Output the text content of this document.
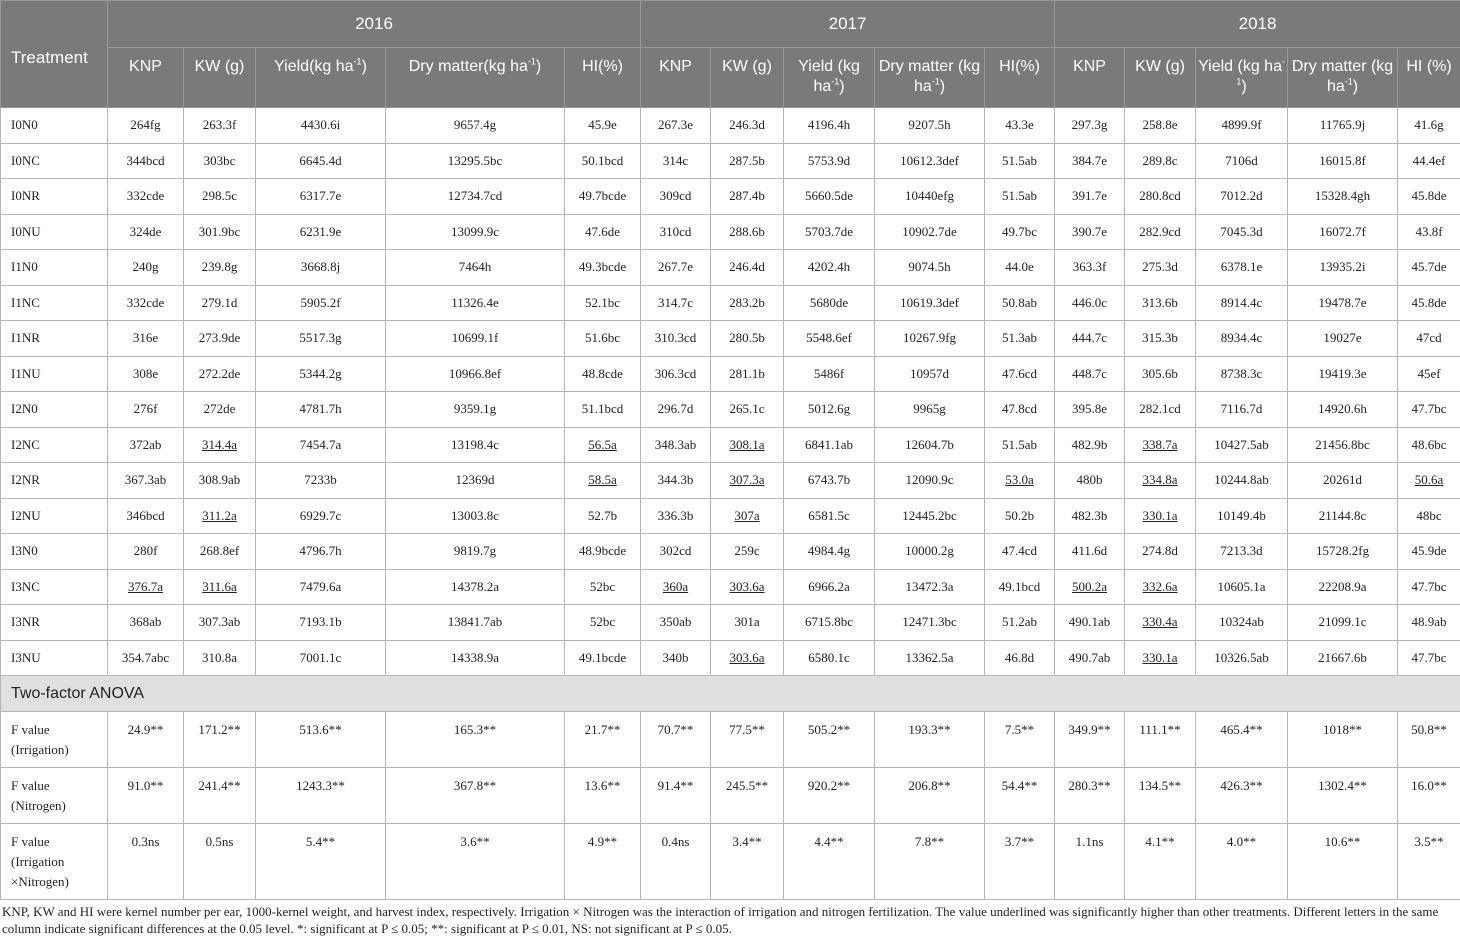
Treatment	2016					2017					2018				
	KNP	KW (g)	Yield(kg $ha^{-1}$)	Dry matter(kg $ha^{-1}$)	HI(%)	KNP	KW (g)	Yield (kg $ha^{-1}$)	Dry matter (kg $ha^{-1}$)	HI(%)	KNP	KW (g)	Yield (kg $ha^{-1}$)	Dry matter (kg $ha^{-1}$)	HI (%)
I0N0	264fg	263.3f	4430.6i	9657.4g	45.9e	267.3e	246.3d	4196.4h	9207.5h	43.3e	297.3g	258.8e	4899.9f	11765.9j	41.6g
I0NC	344bcd	303bc	6645.4d	13295.5bc	50.1bcd	314c	287.5b	5753.9d	10612.3def	51.5ab	384.7e	289.8c	7106d	16015.8f	44.4ef
I0NR	332cde	298.5c	6317.7e	12734.7cd	49.7bcde	309cd	287.4b	5660.5de	10440efg	51.5ab	391.7e	280.8cd	7012.2d	15328.4gh	45.8de
I0NU	324de	301.9bc	6231.9e	13099.9c	47.6de	310cd	288.6b	5703.7de	10902.7de	49.7bc	390.7e	282.9cd	7045.3d	16072.7f	43.8f
I1N0	240g	239.8g	3668.8j	7464h	49.3bcde	267.7e	246.4d	4202.4h	9074.5h	44.0e	363.3f	275.3d	6378.1e	13935.2i	45.7de
I1NC	332cde	279.1d	5905.2f	11326.4e	52.1bc	314.7c	283.2b	5680de	10619.3def	50.8ab	446.0c	313.6b	8914.4c	19478.7e	45.8de
I1NR	316e	273.9de	5517.3g	10699.1f	51.6bc	310.3cd	280.5b	5548.6ef	10267.9fg	51.3ab	444.7c	315.3b	8934.4c	19027e	47cd
I1NU	308e	272.2de	5344.2g	10966.8ef	48.8cde	306.3cd	281.1b	5486f	10957d	47.6cd	448.7c	305.6b	8738.3c	19419.3e	45ef
I2N0	276f	272de	4781.7h	9359.1g	51.1bcd	296.7d	265.1c	5012.6g	9965g	47.8cd	395.8e	282.1cd	7116.7d	14920.6h	47.7bc
I2NC	372ab	314.4a	7454.7a	13198.4c	56.5a	348.3ab	308.1a	6841.1ab	12604.7b	51.5ab	482.9b	338.7a	10427.5ab	21456.8bc	48.6bc
I2NR	367.3ab	308.9ab	7233b	12369d	58.5a	344.3b	307.3a	6743.7b	12090.9c	53.0a	480b	334.8a	10244.8ab	20261d	50.6a
I2NU	346bcd	311.2a	6929.7c	13003.8c	52.7b	336.3b	307a	6581.5c	12445.2bc	50.2b	482.3b	330.1a	10149.4b	21144.8c	48bc
I3N0	280f	268.8ef	4796.7h	9819.7g	48.9bcde	302cd	259c	4984.4g	10000.2g	47.4cd	411.6d	274.8d	7213.3d	15728.2fg	45.9de
I3NC	376.7a	311.6a	7479.6a	14378.2a	52bc	360a	303.6a	6966.2a	13472.3a	49.1bcd	500.2a	332.6a	10605.1a	22208.9a	47.7bc
I3NR	368ab	307.3ab	7193.1b	13841.7ab	52bc	350ab	301a	6715.8bc	12471.3bc	51.2ab	490.1ab	330.4a	10324ab	21099.1c	48.9ab
I3NU	354.7abc	310.8a	7001.1c	14338.9a	49.1bcde	340b	303.6a	6580.1c	13362.5a	46.8d	490.7ab	330.1a	10326.5ab	21667.6b	47.7bc
Two-factor ANOVA															
F value (Irrigation)	24.9**	171.2**	513.6**	165.3**	21.7**	70.7**	77.5**	505.2**	193.3**	7.5**	349.9**	111.1**	465.4**	1018**	50.8**
F value (Nitrogen)	91.0**	241.4**	1243.3**	367.8**	13.6**	91.4**	245.5**	920.2**	206.8**	54.4**	280.3**	134.5**	426.3**	1302.4**	16.0**
F value (Irrigation ×Nitrogen)	0.3ns	0.5ns	5.4**	3.6**	4.9**	0.4ns	3.4**	4.4**	7.8**	3.7**	1.1ns	4.1**	4.0**	10.6**	3.5**
KNP, KW and HI were kernel number per ear, 1000-kernel weight, and harvest index, respectively. Irrigation × Nitrogen was the interaction of irrigation and nitrogen fertilization. The value underlined was significantly higher than other treatments. Different letters in the same column indicate significant differences at the 0.05 level. *: significant at P ≤ 0.05; **: significant at P ≤ 0.01, NS: not significant at P ≤ 0.05.
